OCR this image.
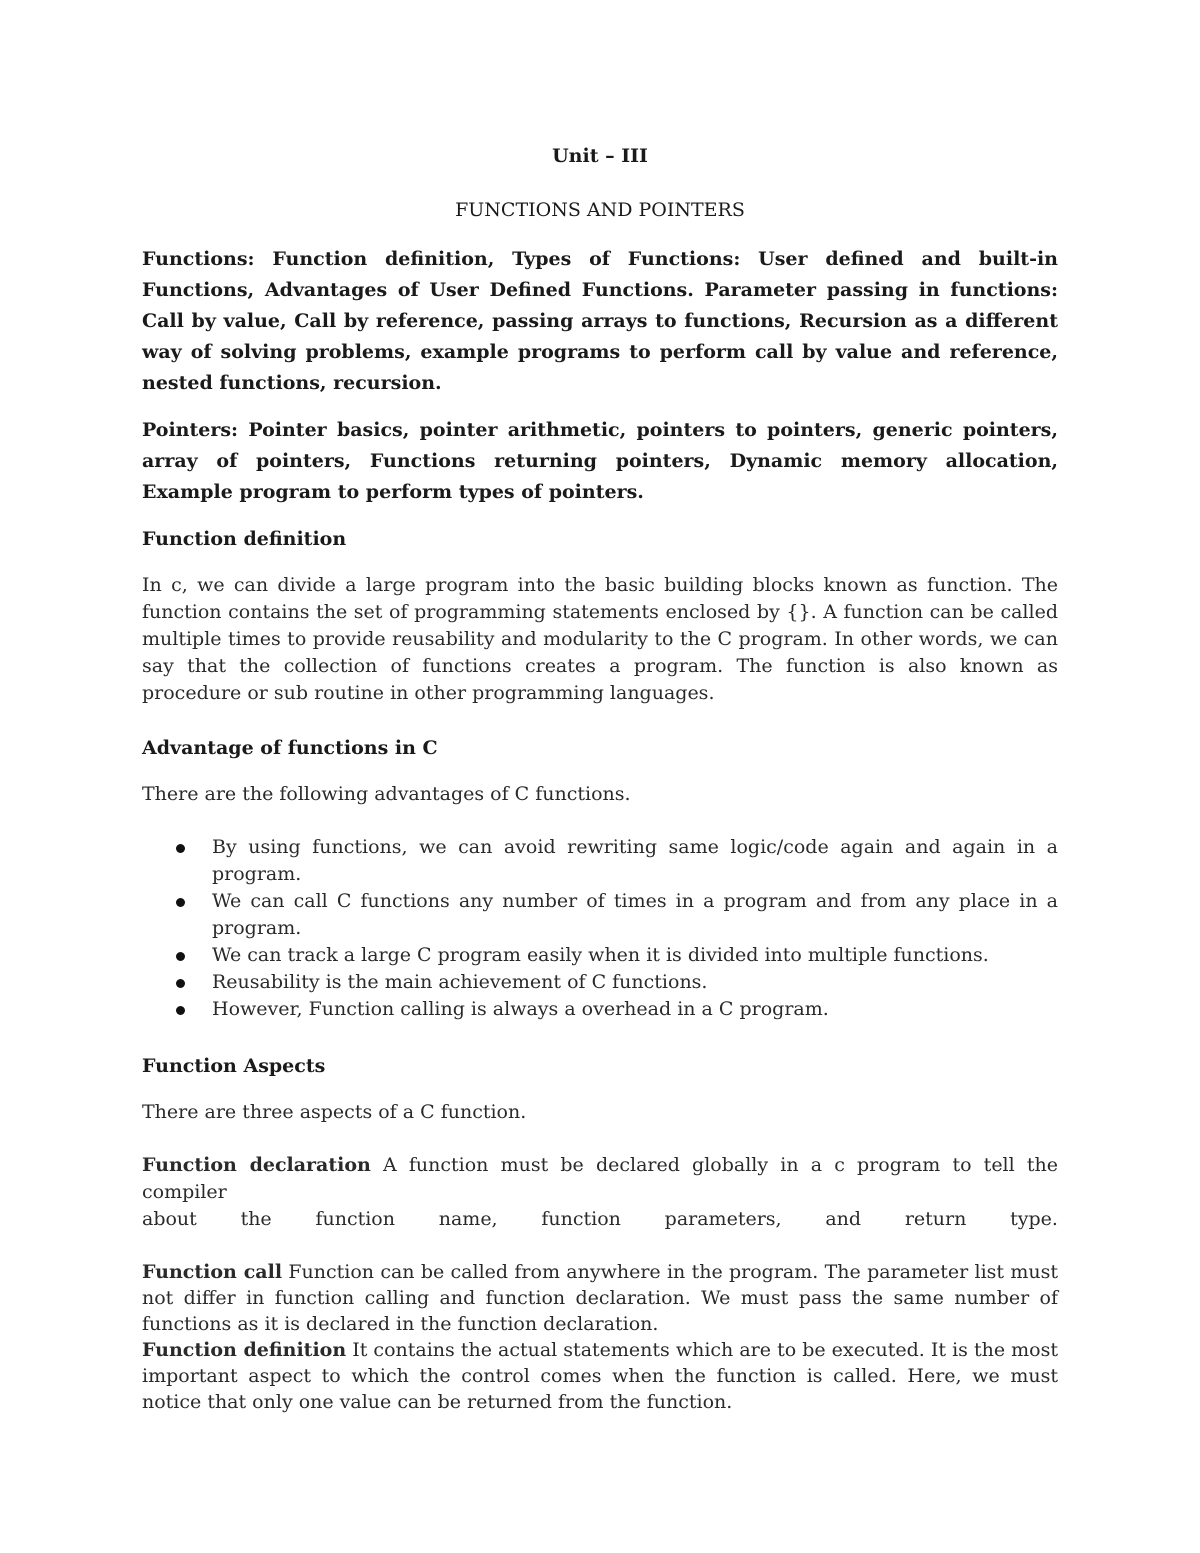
Unit – III
FUNCTIONS AND POINTERS

Functions: Function definition, Types of Functions: User defined and built-in Functions, Advantages of User Defined Functions. Parameter passing in functions: Call by value, Call by reference, passing arrays to functions, Recursion as a different way of solving problems, example programs to perform call by value and reference, nested functions, recursion.

Pointers: Pointer basics, pointer arithmetic, pointers to pointers, generic pointers, array of pointers, Functions returning pointers, Dynamic memory allocation, Example program to perform types of pointers.

Function definition

In c, we can divide a large program into the basic building blocks known as function. The function contains the set of programming statements enclosed by {}. A function can be called multiple times to provide reusability and modularity to the C program. In other words, we can say that the collection of functions creates a program. The function is also known as procedure or sub routine in other programming languages.

Advantage of functions in C

There are the following advantages of C functions.

By using functions, we can avoid rewriting same logic/code again and again in a program.
We can call C functions any number of times in a program and from any place in a program.
We can track a large C program easily when it is divided into multiple functions.
Reusability is the main achievement of C functions.
However, Function calling is always a overhead in a C program.
Function Aspects

There are three aspects of a C function.

Function declaration A function must be declared globally in a c program to tell the compiler
about the function name, function parameters, and return type.

Function call Function can be called from anywhere in the program. The parameter list must not differ in function calling and function declaration. We must pass the same number of functions as it is declared in the function declaration.

Function definition It contains the actual statements which are to be executed. It is the most important aspect to which the control comes when the function is called. Here, we must notice that only one value can be returned from the function.
